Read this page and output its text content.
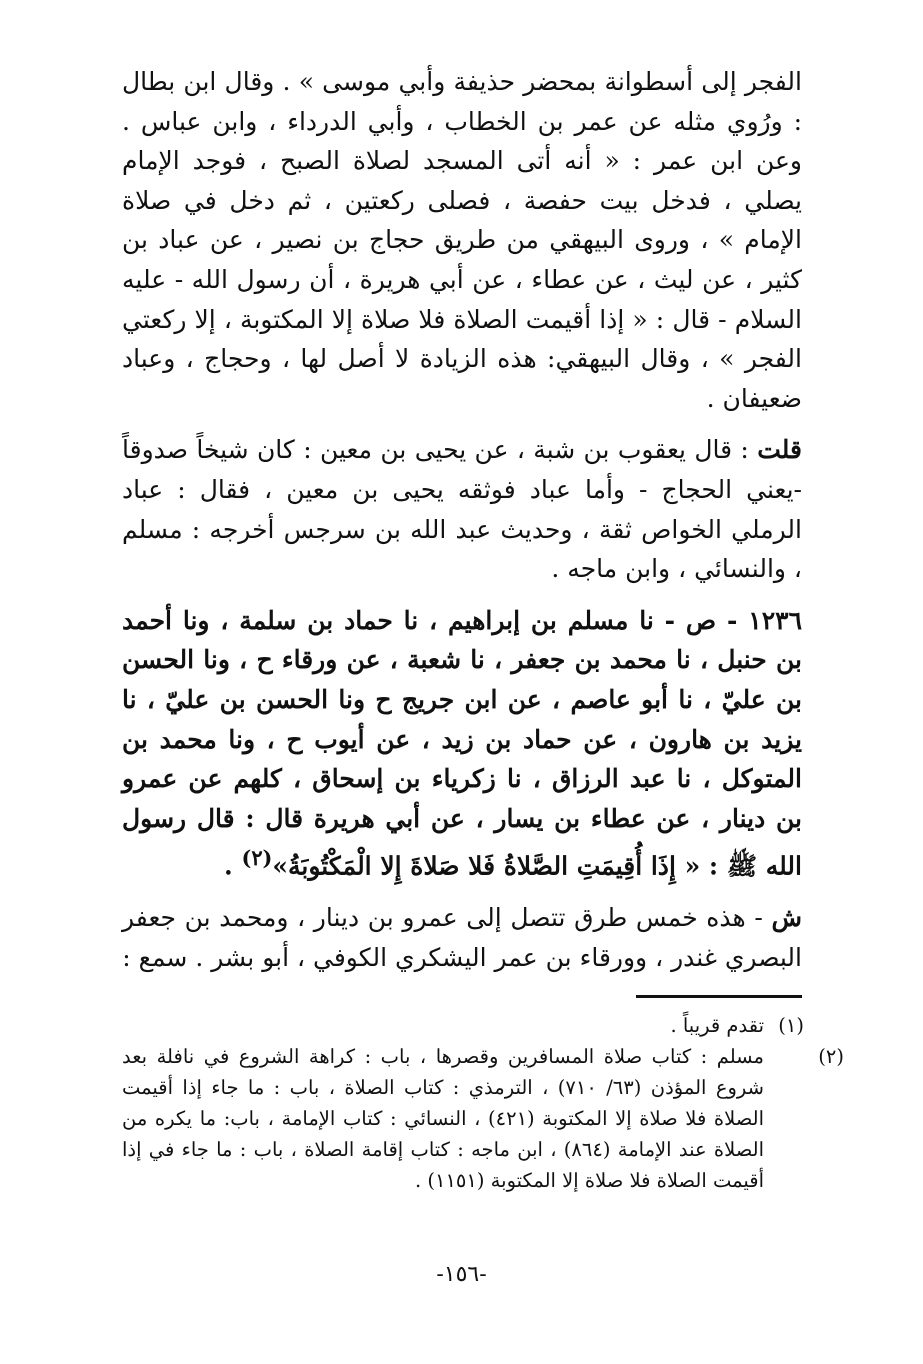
الفجر إلى أسطوانة بمحضر حذيفة وأبي موسى » . وقال ابن بطال : ورُوي مثله عن عمر بن الخطاب ، وأبي الدرداء ، وابن عباس . وعن ابن عمر : « أنه أتى المسجد لصلاة الصبح ، فوجد الإمام يصلي ، فدخل بيت حفصة ، فصلى ركعتين ، ثم دخل في صلاة الإمام » ، وروى البيهقي من طريق حجاج بن نصير ، عن عباد بن كثير ، عن ليث ، عن عطاء ، عن أبي هريرة ، أن رسول الله - عليه السلام - قال : « إذا أقيمت الصلاة فلا صلاة إلا المكتوبة ، إلا ركعتي الفجر » ، وقال البيهقي: هذه الزيادة لا أصل لها ، وحجاج ، وعباد ضعيفان .

قلت : قال يعقوب بن شبة ، عن يحيى بن معين : كان شيخاً صدوقاً -يعني الحجاج - وأما عباد فوثقه يحيى بن معين ، فقال : عباد الرملي الخواص ثقة ، وحديث عبد الله بن سرجس أخرجه : مسلم ، والنسائي ، وابن ماجه .

١٢٣٦ - ص - نا مسلم بن إبراهيم ، نا حماد بن سلمة ، ونا أحمد بن حنبل ، نا محمد بن جعفر ، نا شعبة ، عن ورقاء ح ، ونا الحسن بن عليّ ، نا أبو عاصم ، عن ابن جريج ح ونا الحسن بن عليّ ، نا يزيد بن هارون ، عن حماد بن زيد ، عن أيوب ح ، ونا محمد بن المتوكل ، نا عبد الرزاق ، نا زكرياء بن إسحاق ، كلهم عن عمرو بن دينار ، عن عطاء بن يسار ، عن أبي هريرة قال : قال رسول الله ﷺ : « إِذَا أُقِيمَتِ الصَّلاةُ فَلا صَلاةَ إِلا الْمَكْتُوبَةُ»$^{(٢)}$ .

ش - هذه خمس طرق تتصل إلى عمرو بن دينار ، ومحمد بن جعفر البصري غندر ، وورقاء بن عمر اليشكري الكوفي ، أبو بشر . سمع :

(١)تقدم قريباً .

(٢)مسلم : كتاب صلاة المسافرين وقصرها ، باب : كراهة الشروع في نافلة بعد شروع المؤذن (٦٣/ ٧١٠) ، الترمذي : كتاب الصلاة ، باب : ما جاء إذا أقيمت الصلاة فلا صلاة إلا المكتوبة (٤٢١) ، النسائي : كتاب الإمامة ، باب: ما يكره من الصلاة عند الإمامة (٨٦٤) ، ابن ماجه : كتاب إقامة الصلاة ، باب : ما جاء في إذا أقيمت الصلاة فلا صلاة إلا المكتوبة (١١٥١) .

-١٥٦-
